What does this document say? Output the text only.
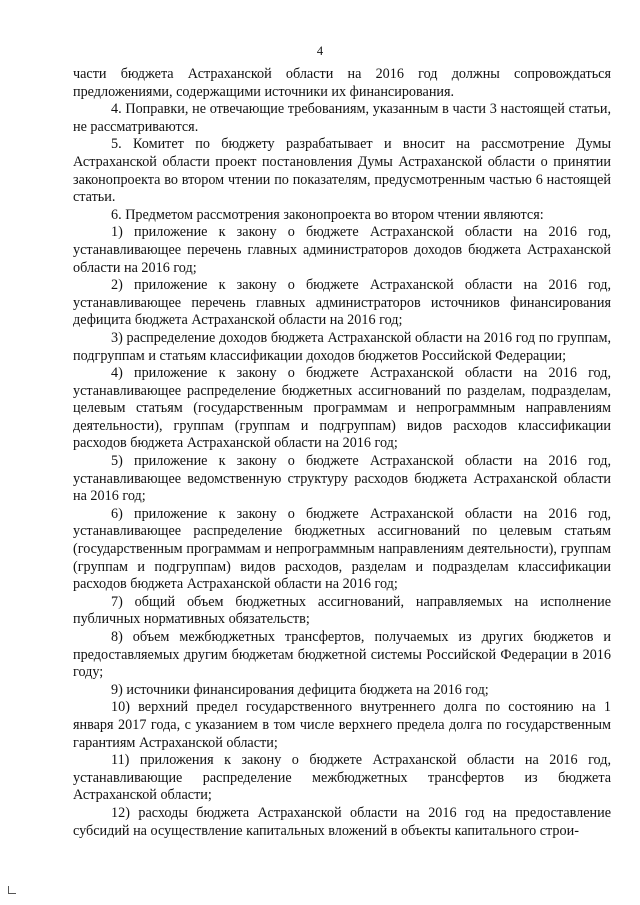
4

части бюджета Астраханской области на 2016 год должны сопровождаться предложениями, содержащими источники их финансирования.

4. Поправки, не отвечающие требованиям, указанным в части 3 настоящей статьи, не рассматриваются.

5. Комитет по бюджету разрабатывает и вносит на рассмотрение Думы Астраханской области проект постановления Думы Астраханской области о принятии законопроекта во втором чтении по показателям, предусмотренным частью 6 настоящей статьи.

6. Предметом рассмотрения законопроекта во втором чтении являются:

1) приложение к закону о бюджете Астраханской области на 2016 год, устанавливающее перечень главных администраторов доходов бюджета Астраханской области на 2016 год;

2) приложение к закону о бюджете Астраханской области на 2016 год, устанавливающее перечень главных администраторов источников финансирования дефицита бюджета Астраханской области на 2016 год;

3) распределение доходов бюджета Астраханской области на 2016 год по группам, подгруппам и статьям классификации доходов бюджетов Российской Федерации;

4) приложение к закону о бюджете Астраханской области на 2016 год, устанавливающее распределение бюджетных ассигнований по разделам, подразделам, целевым статьям (государственным программам и непрограммным направлениям деятельности), группам (группам и подгруппам) видов расходов классификации расходов бюджета Астраханской области на 2016 год;

5) приложение к закону о бюджете Астраханской области на 2016 год, устанавливающее ведомственную структуру расходов бюджета Астраханской области на 2016 год;

6) приложение к закону о бюджете Астраханской области на 2016 год, устанавливающее распределение бюджетных ассигнований по целевым статьям (государственным программам и непрограммным направлениям деятельности), группам (группам и подгруппам) видов расходов, разделам и подразделам классификации расходов бюджета Астраханской области на 2016 год;

7) общий объем бюджетных ассигнований, направляемых на исполнение публичных нормативных обязательств;

8) объем межбюджетных трансфертов, получаемых из других бюджетов и предоставляемых другим бюджетам бюджетной системы Российской Федерации в 2016 году;

9) источники финансирования дефицита бюджета на 2016 год;

10) верхний предел государственного внутреннего долга по состоянию на 1 января 2017 года, с указанием в том числе верхнего предела долга по государственным гарантиям Астраханской области;

11) приложения к закону о бюджете Астраханской области на 2016 год, устанавливающие распределение межбюджетных трансфертов из бюджета Астраханской области;

12) расходы бюджета Астраханской области на 2016 год на предоставление субсидий на осуществление капитальных вложений в объекты капитального строи-
